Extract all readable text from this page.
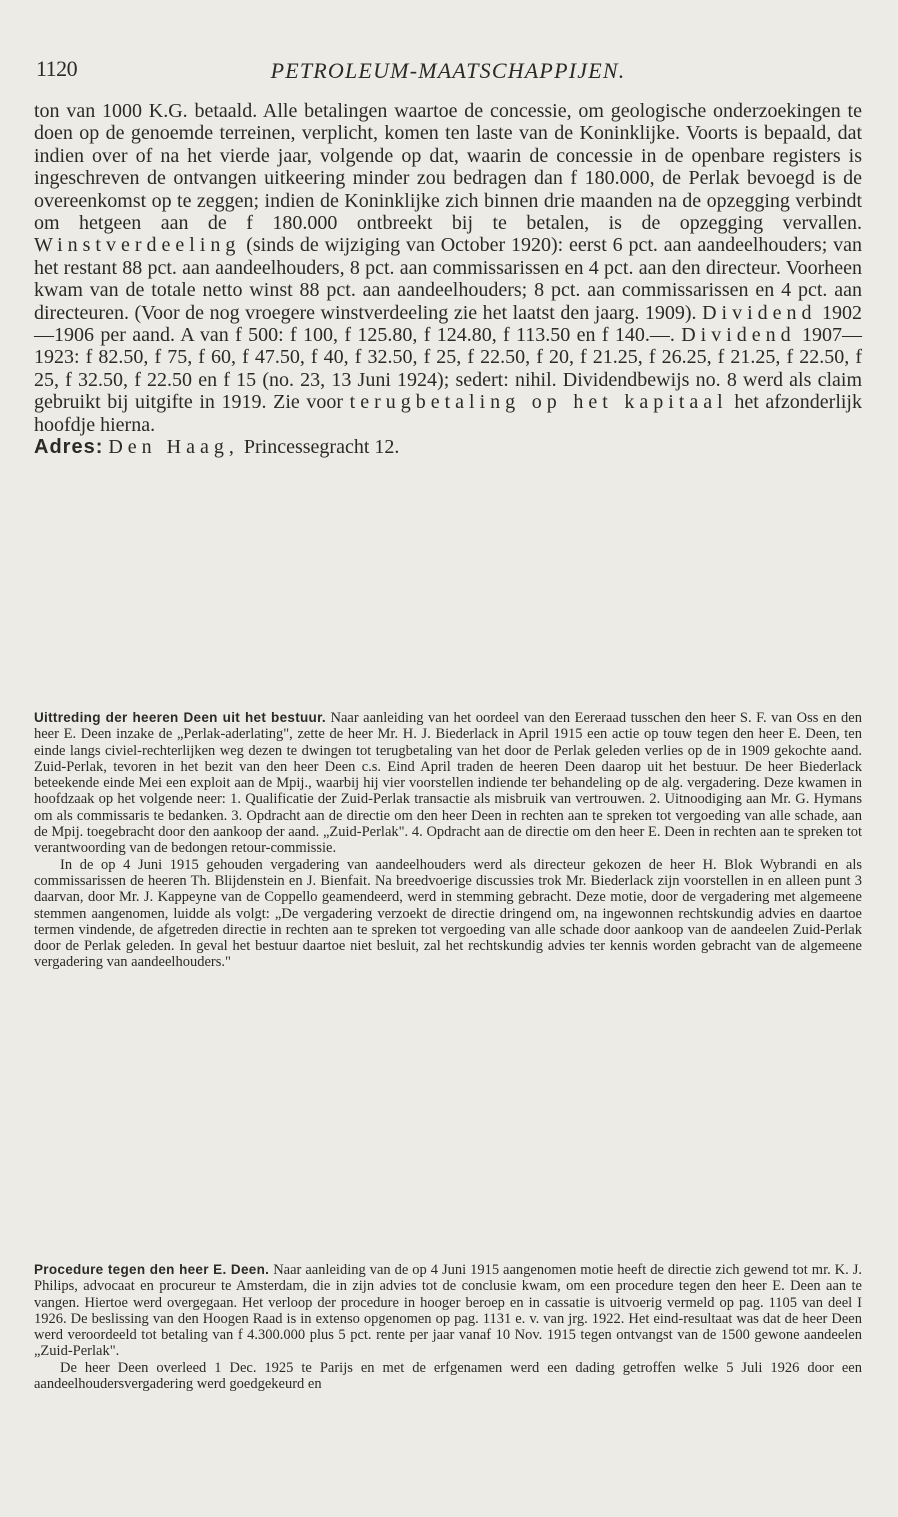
1120	PETROLEUM-MAATSCHAPPIJEN.

ton van 1000 K.G. betaald. Alle betalingen waartoe de concessie, om geologische onderzoekingen te doen op de genoemde terreinen, verplicht, komen ten laste van de Koninklijke. Voorts is bepaald, dat indien over of na het vierde jaar, volgende op dat, waarin de concessie in de openbare registers is ingeschreven de ontvangen uitkeering minder zou bedragen dan f 180.000, de Perlak bevoegd is de overeenkomst op te zeggen; indien de Koninklijke zich binnen drie maanden na de opzegging verbindt om hetgeen aan de f 180.000 ontbreekt bij te betalen, is de opzegging vervallen. Winstverdeeling (sinds de wijziging van October 1920): eerst 6 pct. aan aandeelhouders; van het restant 88 pct. aan aandeelhouders, 8 pct. aan commissarissen en 4 pct. aan den directeur. Voorheen kwam van de totale netto winst 88 pct. aan aandeelhouders; 8 pct. aan commissarissen en 4 pct. aan directeuren. (Voor de nog vroegere winstverdeeling zie het laatst den jaarg. 1909). Dividend 1902—1906 per aand. A van f 500: f 100, f 125.80, f 124.80, f 113.50 en f 140.—. Dividend 1907—1923: f 82.50, f 75, f 60, f 47.50, f 40, f 32.50, f 25, f 22.50, f 20, f 21.25, f 26.25, f 21.25, f 22.50, f 25, f 32.50, f 22.50 en f 15 (no. 23, 13 Juni 1924); sedert: nihil. Dividendbewijs no. 8 werd als claim gebruikt bij uitgifte in 1919. Zie voor terugbetaling op het kapitaal het afzonderlijk hoofdje hierna.

Adres: Den Haag, Princessegracht 12.

Uittreding der heeren Deen uit het bestuur. Naar aanleiding van het oordeel van den Eereraad tusschen den heer S. F. van Oss en den heer E. Deen inzake de „Perlak-aderlating", zette de heer Mr. H. J. Biederlack in April 1915 een actie op touw tegen den heer E. Deen, ten einde langs civiel-rechterlijken weg dezen te dwingen tot terugbetaling van het door de Perlak geleden verlies op de in 1909 gekochte aand. Zuid-Perlak, tevoren in het bezit van den heer Deen c.s. Eind April traden de heeren Deen daarop uit het bestuur. De heer Biederlack beteekende einde Mei een exploit aan de Mpij., waarbij hij vier voorstellen indiende ter behandeling op de alg. vergadering. Deze kwamen in hoofdzaak op het volgende neer: 1. Qualificatie der Zuid-Perlak transactie als misbruik van vertrouwen. 2. Uitnoodiging aan Mr. G. Hymans om als commissaris te bedanken. 3. Opdracht aan de directie om den heer Deen in rechten aan te spreken tot vergoeding van alle schade, aan de Mpij. toegebracht door den aankoop der aand. „Zuid-Perlak". 4. Opdracht aan de directie om den heer E. Deen in rechten aan te spreken tot verantwoording van de bedongen retour-commissie.

In de op 4 Juni 1915 gehouden vergadering van aandeelhouders werd als directeur gekozen de heer H. Blok Wybrandi en als commissarissen de heeren Th. Blijdenstein en J. Bienfait. Na breedvoerige discussies trok Mr. Biederlack zijn voorstellen in en alleen punt 3 daarvan, door Mr. J. Kappeyne van de Coppello geamendeerd, werd in stemming gebracht. Deze motie, door de vergadering met algemeene stemmen aangenomen, luidde als volgt: „De vergadering verzoekt de directie dringend om, na ingewonnen rechtskundig advies en daartoe termen vindende, de afgetreden directie in rechten aan te spreken tot vergoeding van alle schade door aankoop van de aandeelen Zuid-Perlak door de Perlak geleden. In geval het bestuur daartoe niet besluit, zal het rechtskundig advies ter kennis worden gebracht van de algemeene vergadering van aandeelhouders."

Procedure tegen den heer E. Deen. Naar aanleiding van de op 4 Juni 1915 aangenomen motie heeft de directie zich gewend tot mr. K. J. Philips, advocaat en procureur te Amsterdam, die in zijn advies tot de conclusie kwam, om een procedure tegen den heer E. Deen aan te vangen. Hiertoe werd overgegaan. Het verloop der procedure in hooger beroep en in cassatie is uitvoerig vermeld op pag. 1105 van deel I 1926. De beslissing van den Hoogen Raad is in extenso opgenomen op pag. 1131 e. v. van jrg. 1922. Het eind-resultaat was dat de heer Deen werd veroordeeld tot betaling van f 4.300.000 plus 5 pct. rente per jaar vanaf 10 Nov. 1915 tegen ontvangst van de 1500 gewone aandeelen „Zuid-Perlak".

De heer Deen overleed 1 Dec. 1925 te Parijs en met de erfgenamen werd een dading getroffen welke 5 Juli 1926 door een aandeelhoudersvergadering werd goedgekeurd en
